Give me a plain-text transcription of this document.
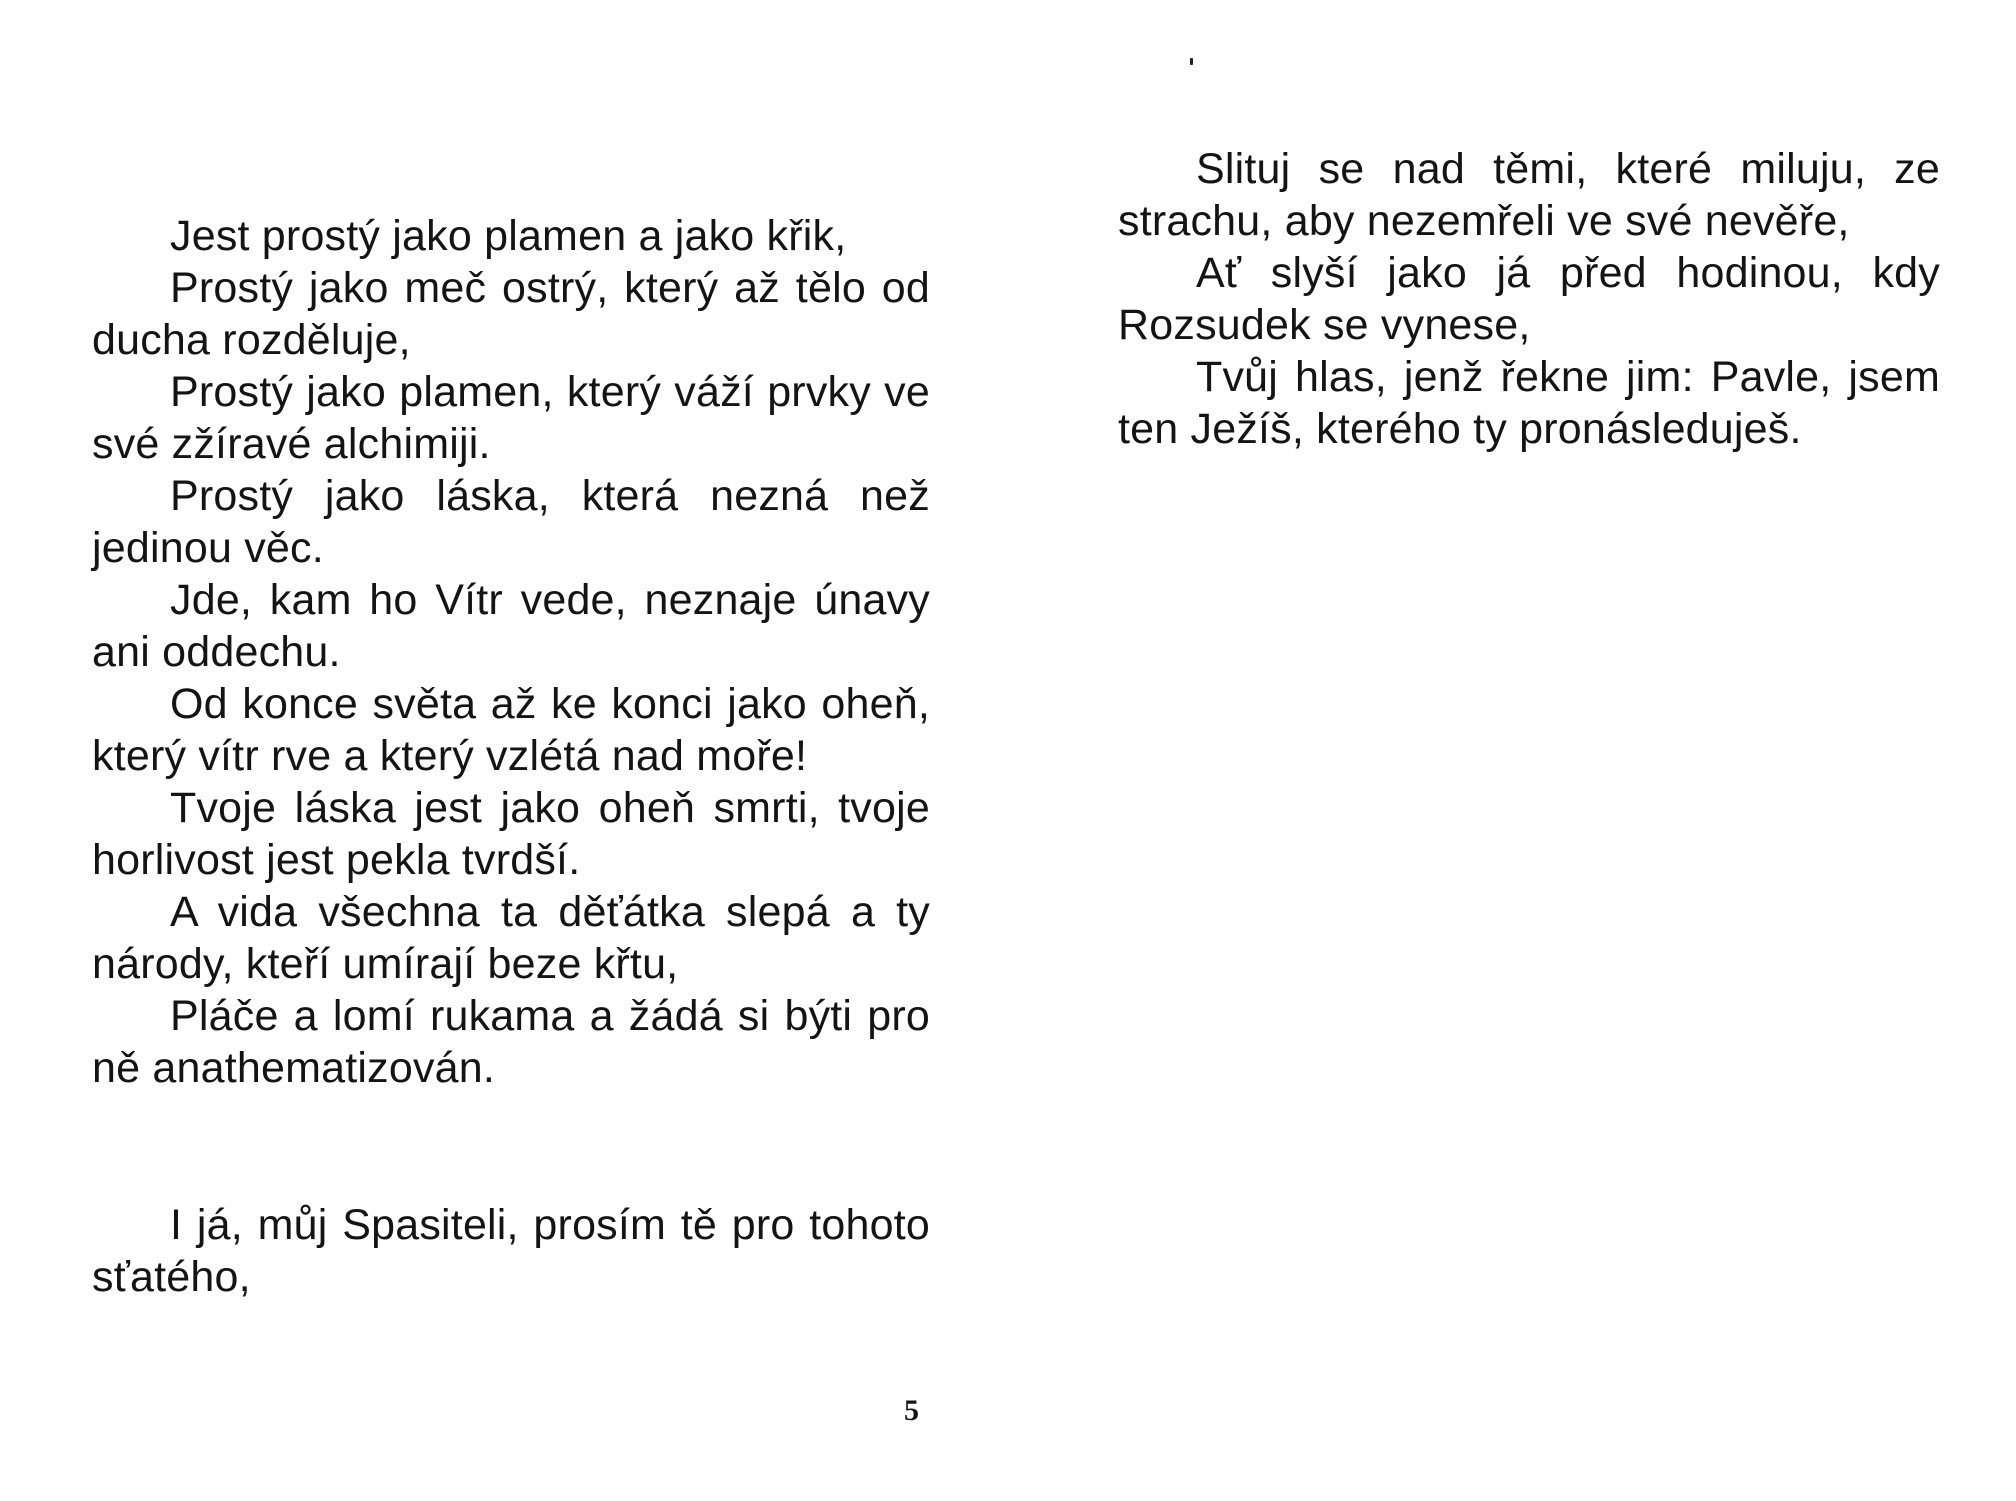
Jest prostý jako plamen a jako křik,

Prostý jako meč ostrý, který až tělo od ducha rozděluje,

Prostý jako plamen, který váží prvky ve své zžíravé alchimiji.

Prostý jako láska, která nezná než jedinou věc.

Jde, kam ho Vítr vede, neznaje únavy ani oddechu.

Od konce světa až ke konci jako oheň, který vítr rve a který vzlétá nad moře!

Tvoje láska jest jako oheň smrti, tvoje horlivost jest pekla tvrdší.

A vida všechna ta děťátka slepá a ty národy, kteří umírají beze křtu,

Pláče a lomí rukama a žádá si býti pro ně anathematizován.

I já, můj Spasiteli, prosím tě pro tohoto sťatého,

Slituj se nad těmi, které miluju, ze strachu, aby nezemřeli ve své nevěře,

Ať slyší jako já před hodinou, kdy Rozsudek se vynese,

Tvůj hlas, jenž řekne jim: Pavle, jsem ten Ježíš, kterého ty pronásleduješ.

5
